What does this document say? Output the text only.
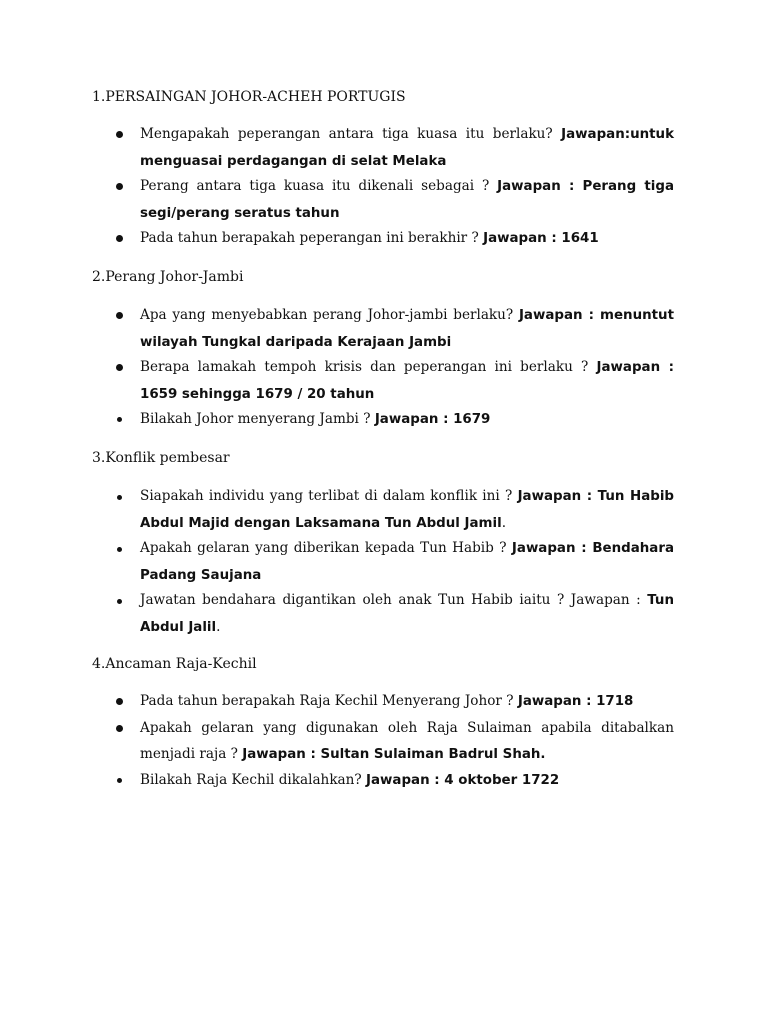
1.PERSAINGAN JOHOR-ACHEH PORTUGIS
Mengapakah peperangan antara tiga kuasa itu berlaku? Jawapan:untuk menguasai perdagangan di selat Melaka
Perang antara tiga kuasa itu dikenali sebagai ? Jawapan : Perang tiga segi/perang seratus tahun
Pada tahun berapakah peperangan ini berakhir ? Jawapan : 1641
2.Perang Johor-Jambi
Apa yang menyebabkan perang Johor-jambi berlaku? Jawapan : menuntut wilayah Tungkal daripada Kerajaan Jambi
Berapa lamakah tempoh krisis dan peperangan ini berlaku ? Jawapan : 1659 sehingga 1679 / 20 tahun
Bilakah Johor menyerang Jambi ? Jawapan : 1679
3.Konflik pembesar
Siapakah individu yang terlibat di dalam konflik ini ? Jawapan : Tun Habib Abdul Majid dengan Laksamana Tun Abdul Jamil.
Apakah gelaran yang diberikan kepada Tun Habib ? Jawapan : Bendahara Padang Saujana
Jawatan bendahara digantikan oleh anak Tun Habib iaitu ? Jawapan : Tun Abdul Jalil.
4.Ancaman Raja-Kechil
Pada tahun berapakah Raja Kechil Menyerang Johor ? Jawapan : 1718
Apakah gelaran yang digunakan oleh Raja Sulaiman apabila ditabalkan menjadi raja ? Jawapan : Sultan Sulaiman Badrul Shah.
Bilakah Raja Kechil dikalahkan? Jawapan : 4 oktober 1722
